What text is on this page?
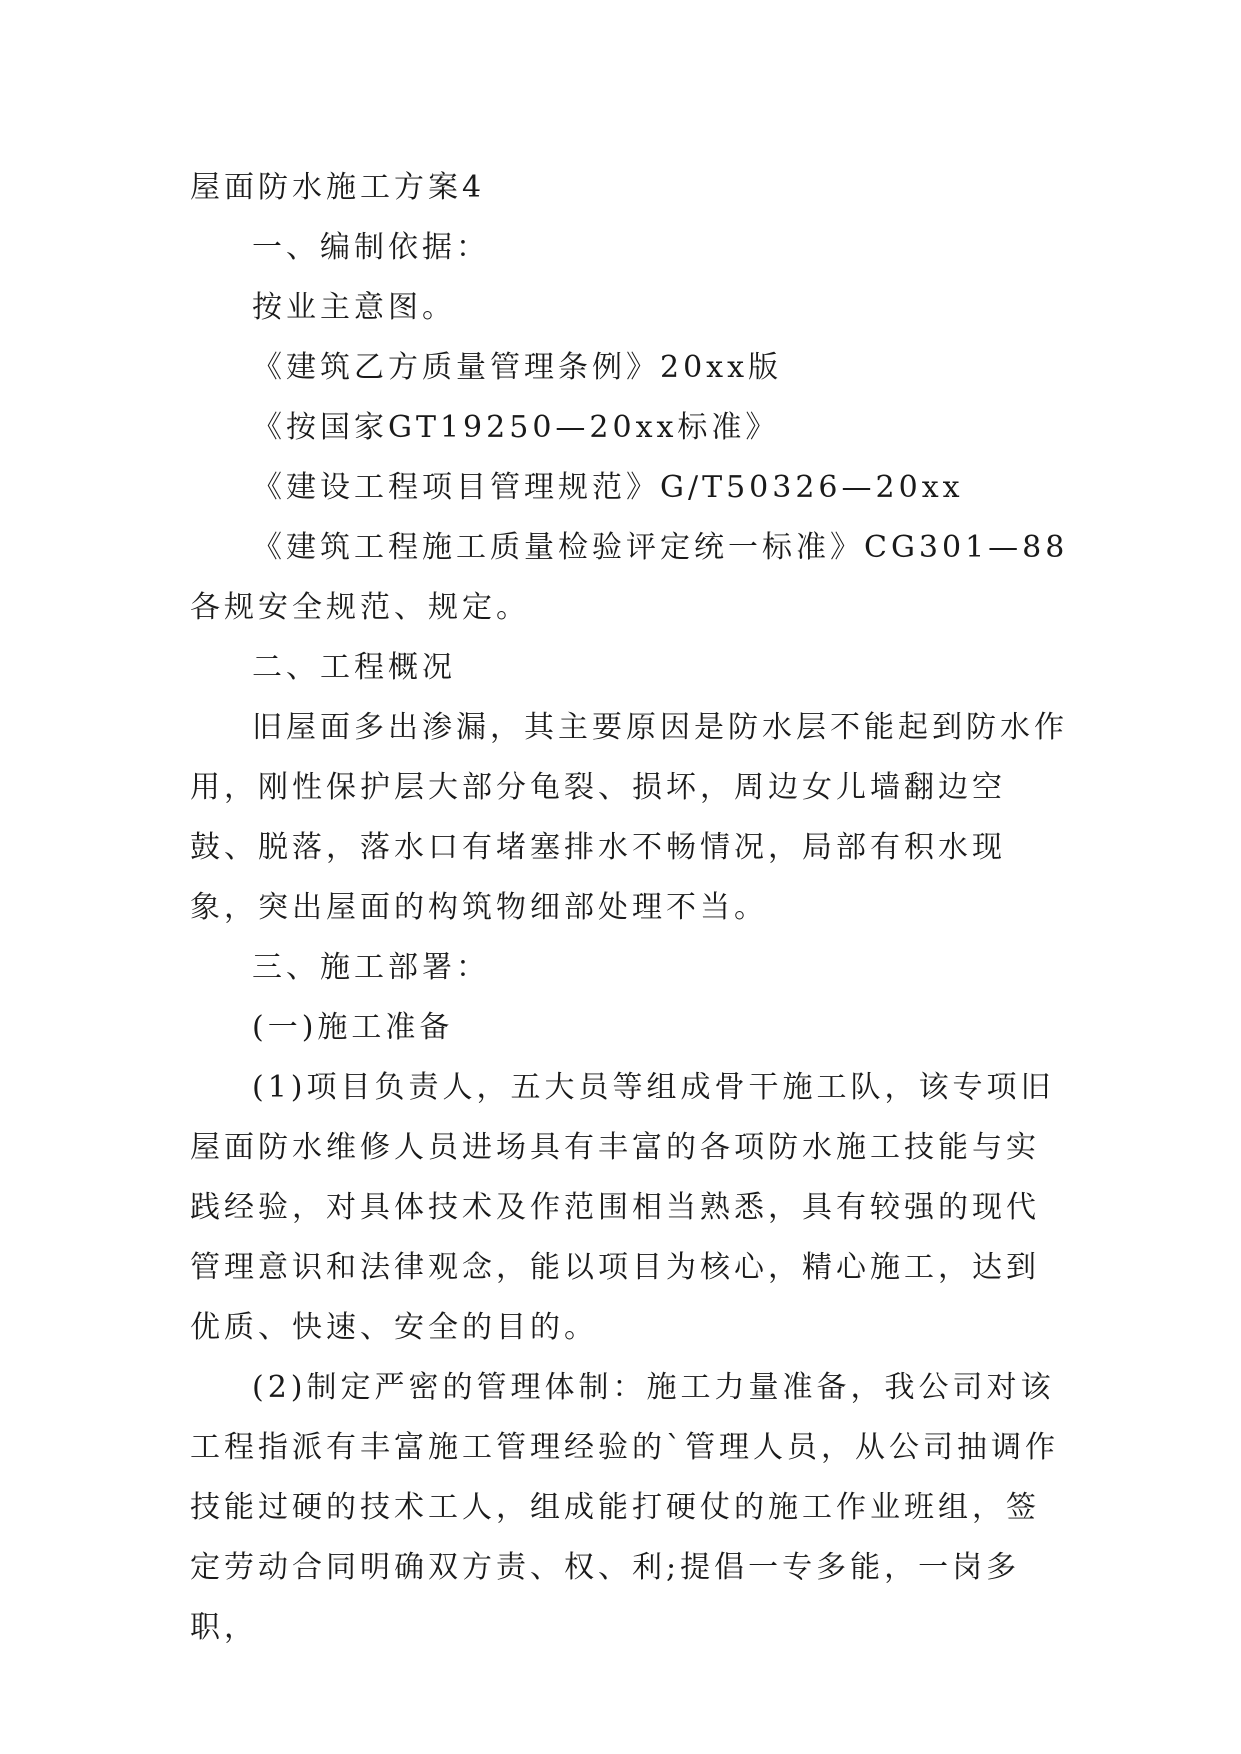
屋面防水施工方案4

一、编制依据：

按业主意图。

《建筑乙方质量管理条例》20xx版

《按国家GT19250—20xx标准》

《建设工程项目管理规范》G/T50326—20xx

《建筑工程施工质量检验评定统一标准》CG301—88各规安全规范、规定。

二、工程概况

旧屋面多出渗漏，其主要原因是防水层不能起到防水作用，刚性保护层大部分龟裂、损坏，周边女儿墙翻边空鼓、脱落，落水口有堵塞排水不畅情况，局部有积水现象，突出屋面的构筑物细部处理不当。

三、施工部署：

(一)施工准备

(1)项目负责人，五大员等组成骨干施工队，该专项旧屋面防水维修人员进场具有丰富的各项防水施工技能与实践经验，对具体技术及作范围相当熟悉，具有较强的现代管理意识和法律观念，能以项目为核心，精心施工，达到优质、快速、安全的目的。

(2)制定严密的管理体制：施工力量准备，我公司对该工程指派有丰富施工管理经验的`管理人员，从公司抽调作技能过硬的技术工人，组成能打硬仗的施工作业班组，签定劳动合同明确双方责、权、利;提倡一专多能，一岗多职，
